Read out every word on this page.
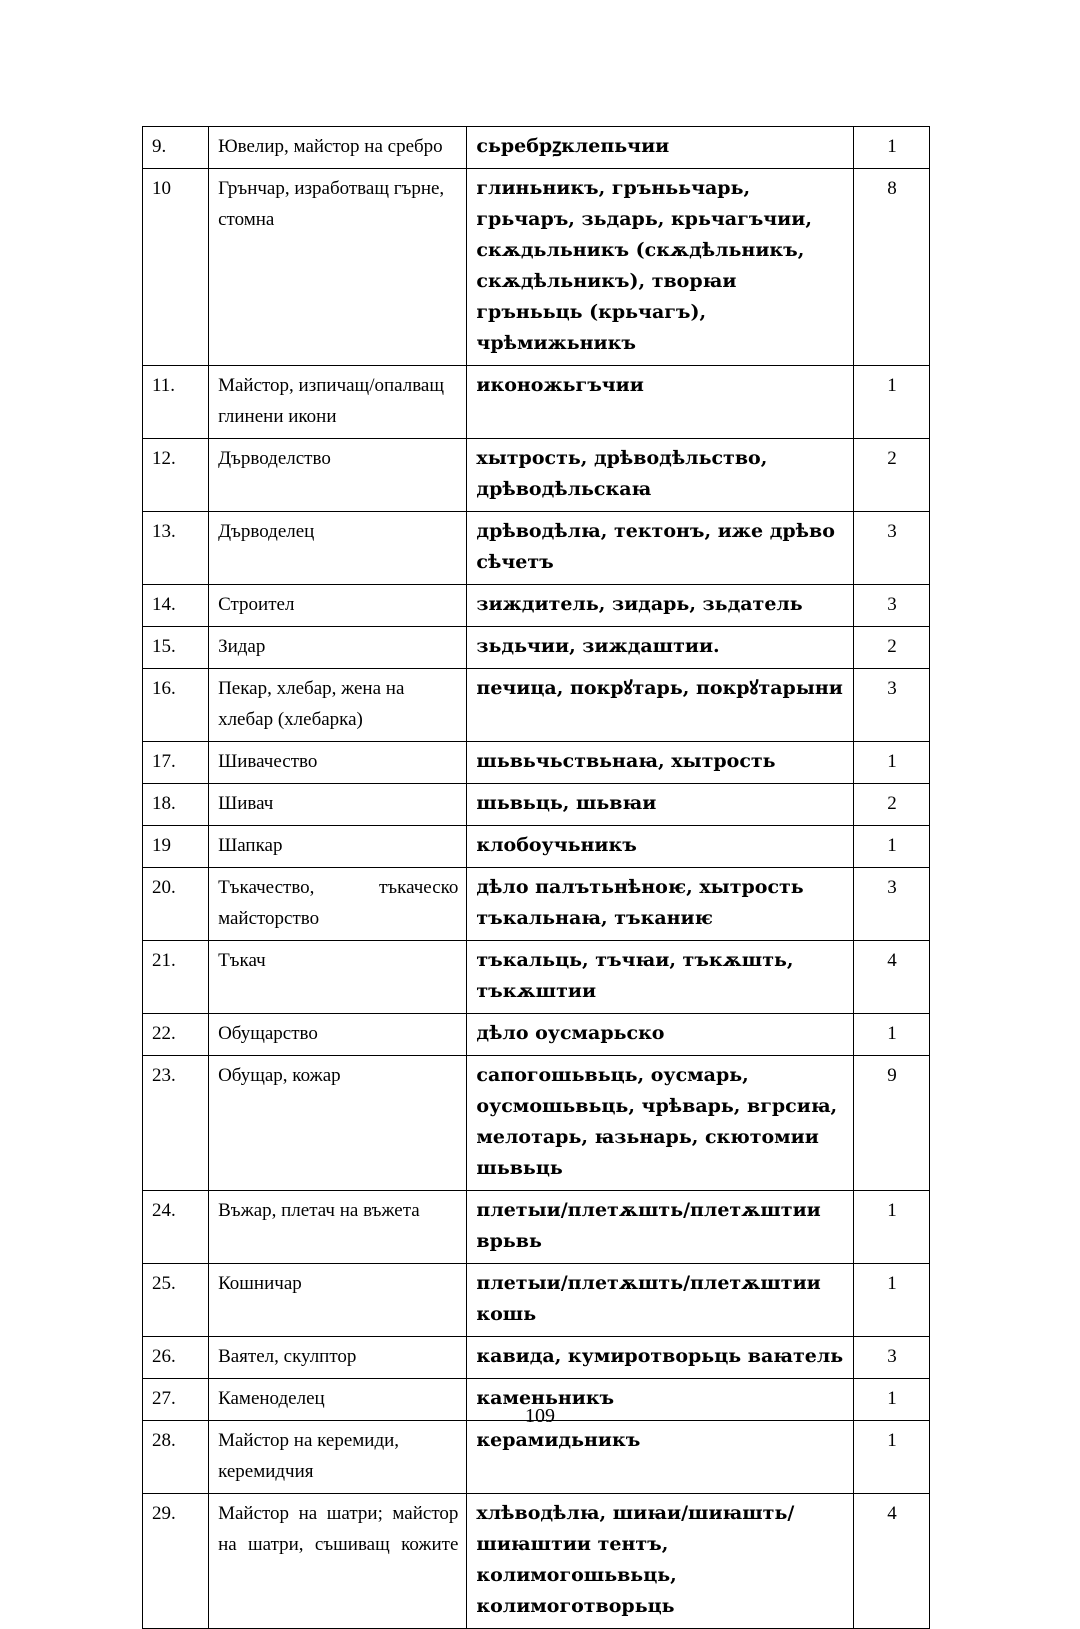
9.	Ювелир, майстор на сребро	сьребрꙁклепьчии	1
10	Грънчар, изработващ гърне, стомна	глиньникъ, грънььчарь, грьчаръ, зьдарь, крьчагъчии, скѫдьльникъ (скѫдѣльникъ, скѫдѣльникъ), творꙗи грънььць (крьчагъ), чрѣмижьникъ	8
11.	Майстор, изпичащ/опалващ глинени икони	иконожьгъчии	1
12.	Дърводелство	хытрость, дрѣводѣльство, дрѣводѣльскаꙗ	2
13.	Дърводелец	дрѣводѣлꙗ, тектонъ, иже дрѣво сѣчетъ	3
14.	Строител	зиждитель, зидарь, зьдатель	3
15.	Зидар	зьдьчии, зиждаштии.	2
16.	Пекар, хлебар, жена на хлебар (хлебарка)	печица, покрꙋтарь, покрꙋтарыни	3
17.	Шивачество	шьвьчьствьнаꙗ, хытрость	1
18.	Шивач	шьвьць, шьвꙗи	2
19	Шапкар	клобоучьникъ	1
20.	Тъкачество, тъкаческо майсторство	дѣло палътьнѣноѥ, хытрость тъкальнаꙗ, тъканиѥ	3
21.	Тъкач	тъкальць, тъчꙗи, тъкѫшть, тъкѫштии	4
22.	Обущарство	дѣло оусмарьско	1
23.	Обущар, кожар	сапогошьвьць, оусмарь, оусмошьвьць, чрѣварь, вгрсиꙗ, мелотарь, ꙗзьнарь, скютомии шьвьць	9
24.	Въжар, плетач на въжета	плетыи/плетѫшть/плетѫштии врьвь	1
25.	Кошничар	плетыи/плетѫшть/плетѫштии кошь	1
26.	Ваятел, скулптор	кавида, кумиротворьць ваꙗтель	3
27.	Каменоделец	каменьникъ	1
28.	Майстор на керемиди, керемидчия	керамидьникъ	1
29.	Майстор на шатри; майстор на шатри, съшиващ кожите	хлѣводѣлꙗ, шиꙗи/шиꙗшть/шиꙗштии тентъ, колимогошьвьць, колимоготворьць	4
109
